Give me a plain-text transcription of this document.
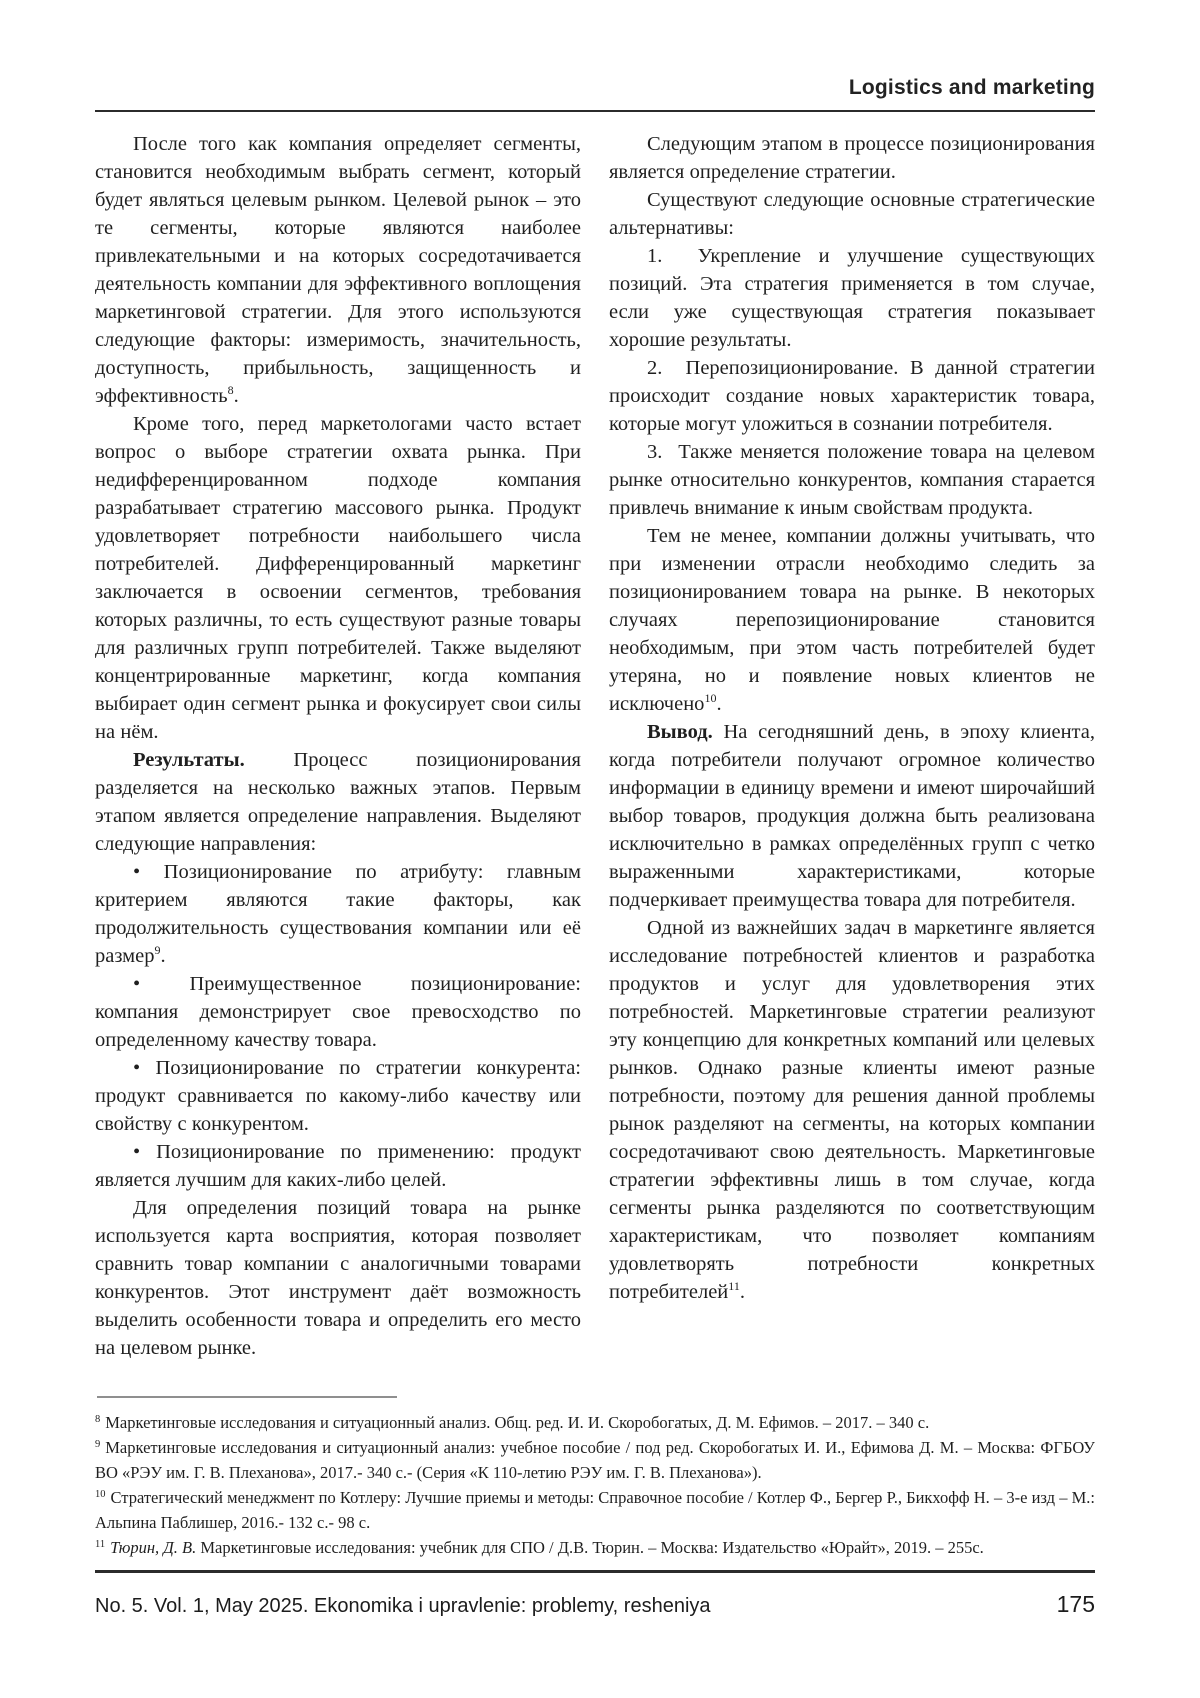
Logistics and marketing

После того как компания определяет сегменты, становится необходимым выбрать сегмент, который будет являться целевым рынком. Целевой рынок – это те сегменты, которые являются наиболее привлекательными и на которых сосредотачивается деятельность компании для эффективного воплощения маркетинговой стратегии. Для этого используются следующие факторы: измеримость, значительность, доступность, прибыльность, защищенность и эффективность$^8$.

Кроме того, перед маркетологами часто встает вопрос о выборе стратегии охвата рынка. При недифференцированном подходе компания разрабатывает стратегию массового рынка. Продукт удовлетворяет потребности наибольшего числа потребителей. Дифференцированный маркетинг заключается в освоении сегментов, требования которых различны, то есть существуют разные товары для различных групп потребителей. Также выделяют концентрированные маркетинг, когда компания выбирает один сегмент рынка и фокусирует свои силы на нём.

Результаты. Процесс позиционирования разделяется на несколько важных этапов. Первым этапом является определение направления. Выделяют следующие направления:

• Позиционирование по атрибуту: главным критерием являются такие факторы, как продолжительность существования компании или её размер$^9$.

• Преимущественное позиционирование: компания демонстрирует свое превосходство по определенному качеству товара.

• Позиционирование по стратегии конкурента: продукт сравнивается по какому-либо качеству или свойству с конкурентом.

• Позиционирование по применению: продукт является лучшим для каких-либо целей.

Для определения позиций товара на рынке используется карта восприятия, которая позволяет сравнить товар компании с аналогичными товарами конкурентов. Этот инструмент даёт возможность выделить особенности товара и определить его место на целевом рынке.

Следующим этапом в процессе позиционирования является определение стратегии.

Существуют следующие основные стратегические альтернативы:

1.  Укрепление и улучшение существующих позиций. Эта стратегия применяется в том случае, если уже существующая стратегия показывает хорошие результаты.

2.  Перепозиционирование. В данной стратегии происходит создание новых характеристик товара, которые могут уложиться в сознании потребителя.

3.  Также меняется положение товара на целевом рынке относительно конкурентов, компания старается привлечь внимание к иным свойствам продукта.

Тем не менее, компании должны учитывать, что при изменении отрасли необходимо следить за позиционированием товара на рынке. В некоторых случаях перепозиционирование становится необходимым, при этом часть потребителей будет утеряна, но и появление новых клиентов не исключено$^{10}$.

Вывод. На сегодняшний день, в эпоху клиента, когда потребители получают огромное количество информации в единицу времени и имеют широчайший выбор товаров, продукция должна быть реализована исключительно в рамках определённых групп с четко выраженными характеристиками, которые подчеркивает преимущества товара для потребителя.

Одной из важнейших задач в маркетинге является исследование потребностей клиентов и разработка продуктов и услуг для удовлетворения этих потребностей. Маркетинговые стратегии реализуют эту концепцию для конкретных компаний или целевых рынков. Однако разные клиенты имеют разные потребности, поэтому для решения данной проблемы рынок разделяют на сегменты, на которых компании сосредотачивают свою деятельность. Маркетинговые стратегии эффективны лишь в том случае, когда сегменты рынка разделяются по соответствующим характеристикам, что позволяет компаниям удовлетворять потребности конкретных потребителей$^{11}$.

$^8$ Маркетинговые исследования и ситуационный анализ. Общ. ред. И. И. Скоробогатых, Д. М. Ефимов. – 2017. – 340 с.

$^9$ Маркетинговые исследования и ситуационный анализ: учебное пособие / под ред. Скоробогатых И. И., Ефимова Д. М. – Москва: ФГБОУ ВО «РЭУ им. Г. В. Плеханова», 2017.- 340 с.- (Серия «К 110-летию РЭУ им. Г. В. Плеханова»).

$^{10}$ Стратегический менеджмент по Котлеру: Лучшие приемы и методы: Справочное пособие / Котлер Ф., Бергер Р., Бикхофф Н. – 3-е изд – М.: Альпина Паблишер, 2016.- 132 с.- 98 с.

$^{11}$ Тюрин, Д. В. Маркетинговые исследования: учебник для СПО / Д.В. Тюрин. – Москва: Издательство «Юрайт», 2019. – 255с.

No. 5. Vol. 1, May 2025. Ekonomika i upravlenie: problemy, resheniya	175
